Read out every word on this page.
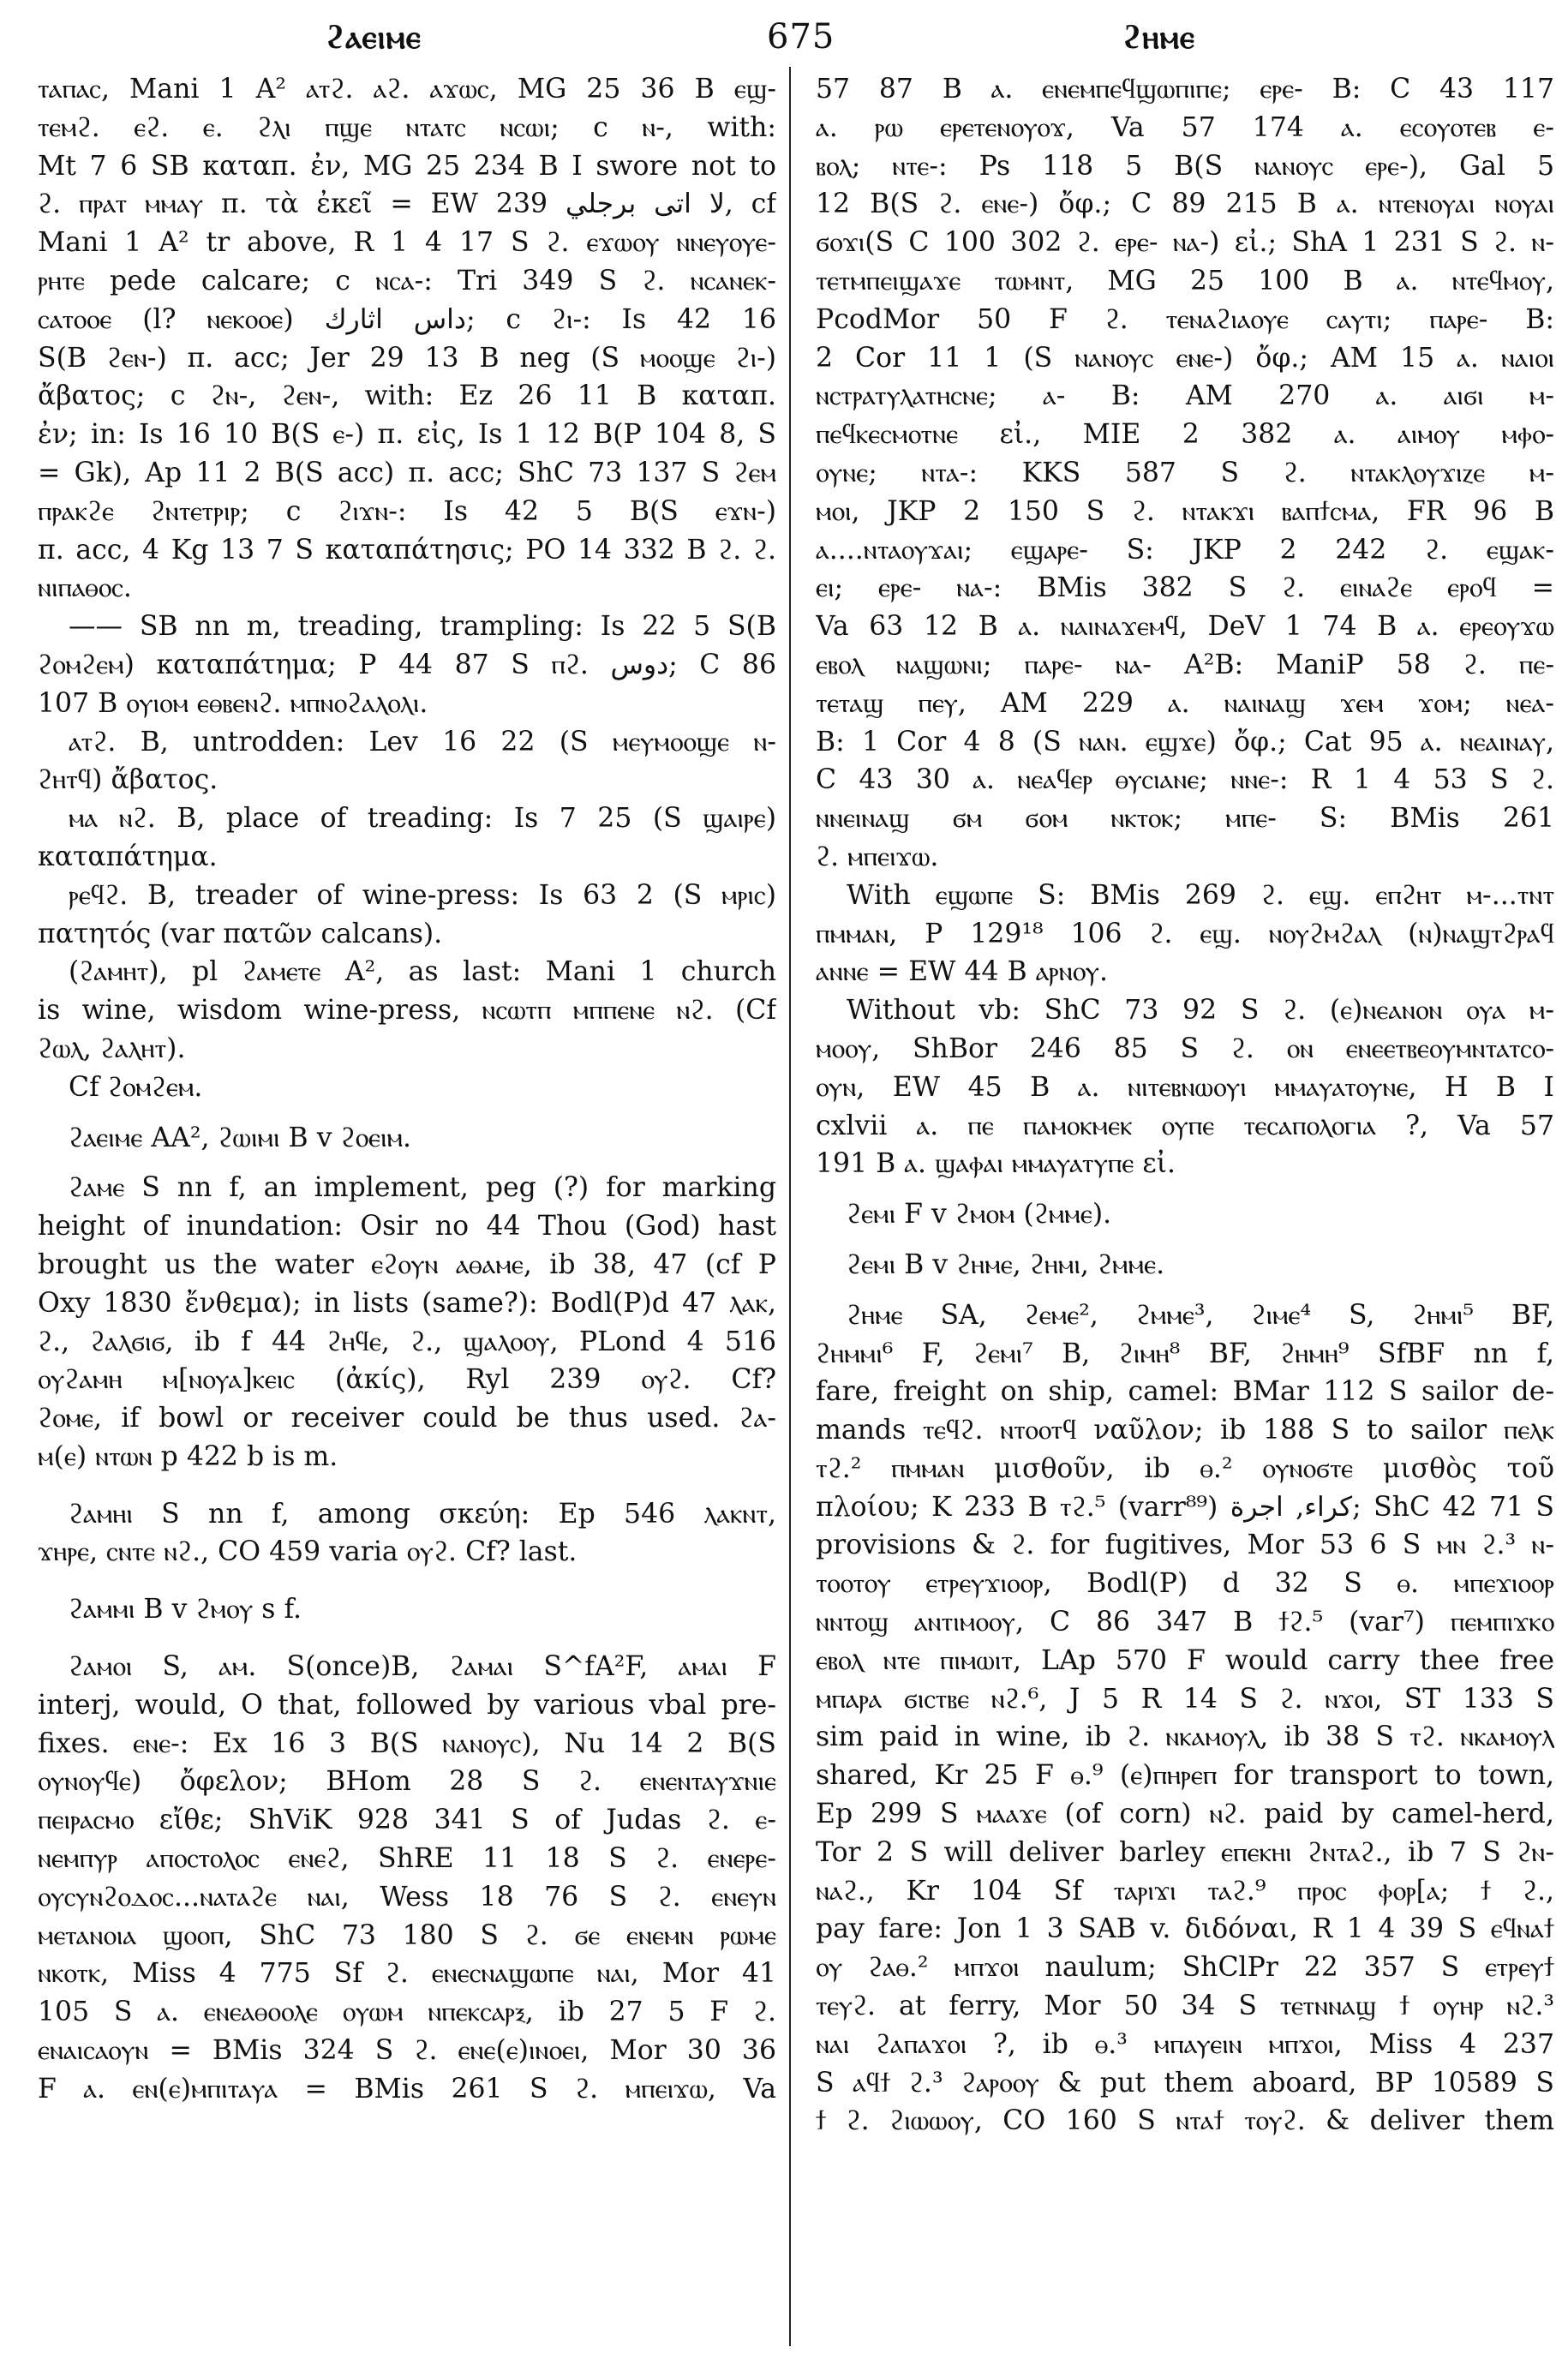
ϩⲁⲉⲓⲙⲉ	675	ϩⲏⲙⲉ
ⲧⲁⲡⲁⲥ, Mani 1 A² ⲁⲧϩ. ⲁϩ. ⲁϫⲱⲥ, MG 25 36 B ⲉϣ-
ⲧⲉⲙϩ. ⲉϩ. ⲉ. ϩⲗⲓ ⲡϣⲉ ⲛⲧⲁⲧⲥ ⲛⲥⲱⲓ; c ⲛ-, with:
Mt 7 6 SB καταπ. ἐν, MG 25 234 B I swore not to
ϩ. ⲡⲣⲁⲧ ⲙⲙⲁⲩ π. τὰ ἐκεῖ = EW 239 لا اتى برجلي, cf
Mani 1 A² tr above, R 1 4 17 S ϩ. ⲉϫⲱⲟⲩ ⲛⲛⲉⲩⲟⲩⲉ-
ⲣⲏⲧⲉ pede calcare; c ⲛⲥⲁ-: Tri 349 S ϩ. ⲛⲥⲁⲛⲉⲕ-
ⲥⲁⲧⲟⲟⲉ (l? ⲛⲉⲕⲟⲟⲉ) داس اثارك; c ϩⲓ-: Is 42 16
S(B ϩⲉⲛ-) π. acc; Jer 29 13 B neg (S ⲙⲟⲟϣⲉ ϩⲓ-)
ἄβατος; c ϩⲛ-, ϩⲉⲛ-, with: Ez 26 11 B καταπ.
ἐν; in: Is 16 10 B(S ⲉ-) π. εἰς, Is 1 12 B(P 104 8, S
= Gk), Ap 11 2 B(S acc) π. acc; ShC 73 137 S ϩⲉⲙ
ⲡⲣⲁⲕϩⲉ ϩⲛⲧⲉⲧⲣⲓⲣ; c ϩⲓϫⲛ-: Is 42 5 B(S ⲉϫⲛ-)
π. acc, 4 Kg 13 7 S καταπάτησις; PO 14 332 B ϩ. ϩ.
ⲛⲓⲡⲁⲑⲟⲥ.
—— SB nn m, treading, trampling: Is 22 5 S(B
ϩⲟⲙϩⲉⲙ) καταπάτημα; P 44 87 S ⲡϩ. دوس; C 86
107 B ⲟⲩⲓⲟⲙ ⲉⲑⲃⲉⲛϩ. ⲙⲡⲛⲟϩⲁⲗⲟⲗⲓ.
ⲁⲧϩ. B, untrodden: Lev 16 22 (S ⲙⲉⲩⲙⲟⲟϣⲉ ⲛ-
ϩⲏⲧϥ) ἄβατος.
ⲙⲁ ⲛϩ. B, place of treading: Is 7 25 (S ϣⲁⲓⲣⲉ)
καταπάτημα.
ⲣⲉϥϩ. B, treader of wine-press: Is 63 2 (S ⲙⲣⲓⲥ)
πατητός (var πατῶν calcans).
(ϩⲁⲙⲏⲧ), pl ϩⲁⲙⲉⲧⲉ A², as last: Mani 1 church
is wine, wisdom wine-press, ⲛⲥⲱⲧⲡ ⲙⲡⲡⲉⲛⲉ ⲛϩ. (Cf
ϩⲱⲗ, ϩⲁⲗⲏⲧ).
Cf ϩⲟⲙϩⲉⲙ.
ϩⲁⲉⲓⲙⲉ AA², ϩⲱⲓⲙⲓ B v ϩⲟⲉⲓⲙ.
ϩⲁⲙⲉ S nn f, an implement, peg (?) for marking
height of inundation: Osir no 44 Thou (God) hast
brought us the water ⲉϩⲟⲩⲛ ⲁⲑⲁⲙⲉ, ib 38, 47 (cf P
Oxy 1830 ἔνθεμα); in lists (same?): Bodl(P)d 47 ⲗⲁⲕ,
ϩ., ϩⲁⲗϭⲓϭ, ib f 44 ϩⲏϥⲉ, ϩ., ϣⲁⲗⲟⲟⲩ, PLond 4 516
ⲟⲩϩⲁⲙⲏ ⲙ[ⲛⲟⲩⲁ]ⲕⲉⲓⲥ (ἀκίς), Ryl 239 ⲟⲩϩ. Cf?
ϩⲟⲙⲉ, if bowl or receiver could be thus used. ϩⲁ-
ⲙ(ⲉ) ⲛⲧⲱⲛ p 422 b is m.
ϩⲁⲙⲏⲓ S nn f, among σκεύη: Ep 546 ⲗⲁⲕⲛⲧ,
ϫⲏⲣⲉ, ⲥⲛⲧⲉ ⲛϩ., CO 459 varia ⲟⲩϩ. Cf? last.
ϩⲁⲙⲙⲓ B v ϩⲙⲟⲩ s f.
ϩⲁⲙⲟⲓ S, ⲁⲙ. S(once)B, ϩⲁⲙⲁⲓ S^fA²F, ⲁⲙⲁⲓ F
interj, would, O that, followed by various vbal pre-
fixes. ⲉⲛⲉ-: Ex 16 3 B(S ⲛⲁⲛⲟⲩⲥ), Nu 14 2 B(S
ⲟⲩⲛⲟⲩϥⲉ) ὄφελον; BHom 28 S ϩ. ⲉⲛⲉⲛⲧⲁⲩϫⲛⲓⲉ
ⲡⲉⲓⲣⲁⲥⲙⲟ εἴθε; ShViK 928 341 S of Judas ϩ. ⲉ-
ⲛⲉⲙⲡⲩⲣ ⲁⲡⲟⲥⲧⲟⲗⲟⲥ ⲉⲛⲉϩ, ShRE 11 18 S ϩ. ⲉⲛⲉⲣⲉ-
ⲟⲩⲥⲩⲛϩⲟⲇⲟⲥ...ⲛⲁⲧⲁϩⲉ ⲛⲁⲓ, Wess 18 76 S ϩ. ⲉⲛⲉⲩⲛ
ⲙⲉⲧⲁⲛⲟⲓⲁ ϣⲟⲟⲡ, ShC 73 180 S ϩ. ϭⲉ ⲉⲛⲉⲙⲛ ⲣⲱⲙⲉ
ⲛⲕⲟⲧⲕ, Miss 4 775 Sf ϩ. ⲉⲛⲉⲥⲛⲁϣⲱⲡⲉ ⲛⲁⲓ, Mor 41
105 S ⲁ. ⲉⲛⲉⲁⲑⲟⲟⲗⲉ ⲟⲩⲱⲙ ⲛⲡⲉⲕⲥⲁⲣⲝ, ib 27 5 F ϩ.
ⲉⲛⲁⲓⲥⲁⲟⲩⲛ = BMis 324 S ϩ. ⲉⲛⲉ(ⲉ)ⲓⲛⲟⲉⲓ, Mor 30 36
F ⲁ. ⲉⲛ(ⲉ)ⲙⲡⲓⲧⲁⲩⲁ = BMis 261 S ϩ. ⲙⲡⲉⲓϫⲱ, Va
57 87 B ⲁ. ⲉⲛⲉⲙⲡⲉϥϣⲱⲡⲓⲡⲉ; ⲉⲣⲉ- B: C 43 117
ⲁ. ⲣⲱ ⲉⲣⲉⲧⲉⲛⲟⲩⲟϫ, Va 57 174 ⲁ. ⲉⲥⲟⲩⲟⲧⲉⲃ ⲉ-
ⲃⲟⲗ; ⲛⲧⲉ-: Ps 118 5 B(S ⲛⲁⲛⲟⲩⲥ ⲉⲣⲉ-), Gal 5
12 B(S ϩ. ⲉⲛⲉ-) ὄφ.; C 89 215 B ⲁ. ⲛⲧⲉⲛⲟⲩⲁⲓ ⲛⲟⲩⲁⲓ
ϭⲟϫⲓ(S C 100 302 ϩ. ⲉⲣⲉ- ⲛⲁ-) εἰ.; ShA 1 231 S ϩ. ⲛ-
ⲧⲉⲧⲙⲡⲉⲓϣⲁϫⲉ ⲧⲱⲙⲛⲧ, MG 25 100 B ⲁ. ⲛⲧⲉϥⲙⲟⲩ,
PcodMor 50 F ϩ. ⲧⲉⲛⲁϩⲓⲁⲟⲩⲉ ⲥⲁⲩⲧⲓ; ⲡⲁⲣⲉ- B:
2 Cor 11 1 (S ⲛⲁⲛⲟⲩⲥ ⲉⲛⲉ-) ὄφ.; AM 15 ⲁ. ⲛⲁⲓⲟⲓ
ⲛⲥⲧⲣⲁⲧⲩⲗⲁⲧⲏⲥⲛⲉ; ⲁ- B: AM 270 ⲁ. ⲁⲓϭⲓ ⲙ-
ⲡⲉϥⲕⲉⲥⲙⲟⲧⲛⲉ εἰ., MIE 2 382 ⲁ. ⲁⲓⲙⲟⲩ ⲙⲫⲟ-
ⲟⲩⲛⲉ; ⲛⲧⲁ-: KKS 587 S ϩ. ⲛⲧⲁⲕⲗⲟⲩϫⲓⲍⲉ ⲙ-
ⲙⲟⲓ, JKP 2 150 S ϩ. ⲛⲧⲁⲕϫⲓ ⲃⲁⲡϯⲥⲙⲁ, FR 96 B
ⲁ....ⲛⲧⲁⲟⲩϫⲁⲓ; ⲉϣⲁⲣⲉ- S: JKP 2 242 ϩ. ⲉϣⲁⲕ-
ⲉⲓ; ⲉⲣⲉ- ⲛⲁ-: BMis 382 S ϩ. ⲉⲓⲛⲁϩⲉ ⲉⲣⲟϥ =
Va 63 12 B ⲁ. ⲛⲁⲓⲛⲁϫⲉⲙϥ, DeV 1 74 B ⲁ. ⲉⲣⲉⲟⲩϫⲱ
ⲉⲃⲟⲗ ⲛⲁϣⲱⲛⲓ; ⲡⲁⲣⲉ- ⲛⲁ- A²B: ManiP 58 ϩ. ⲡⲉ-
ⲧⲉⲧⲁϣ ⲡⲉⲩ, AM 229 ⲁ. ⲛⲁⲓⲛⲁϣ ϫⲉⲙ ϫⲟⲙ; ⲛⲉⲁ-
B: 1 Cor 4 8 (S ⲛⲁⲛ. ⲉϣϫⲉ) ὄφ.; Cat 95 ⲁ. ⲛⲉⲁⲓⲛⲁⲩ,
C 43 30 ⲁ. ⲛⲉⲁϥⲉⲣ ⲑⲩⲥⲓⲁⲛⲉ; ⲛⲛⲉ-: R 1 4 53 S ϩ.
ⲛⲛⲉⲓⲛⲁϣ ϭⲙ ϭⲟⲙ ⲛⲕⲧⲟⲕ; ⲙⲡⲉ- S: BMis 261
ϩ. ⲙⲡⲉⲓϫⲱ.
With ⲉϣⲱⲡⲉ S: BMis 269 ϩ. ⲉϣ. ⲉⲡϩⲏⲧ ⲙ-...ⲧⲛⲧ
ⲡⲙⲙⲁⲛ, P 129¹⁸ 106 ϩ. ⲉϣ. ⲛⲟⲩϩⲙϩⲁⲗ (ⲛ)ⲛⲁϣⲧϩⲣⲁϥ
ⲁⲛⲛⲉ = EW 44 B ⲁⲣⲛⲟⲩ.
Without vb: ShC 73 92 S ϩ. (ⲉ)ⲛⲉⲁⲛⲟⲛ ⲟⲩⲁ ⲙ-
ⲙⲟⲟⲩ, ShBor 246 85 S ϩ. ⲟⲛ ⲉⲛⲉⲉⲧⲃⲉⲟⲩⲙⲛⲧⲁⲧⲥⲟ-
ⲟⲩⲛ, EW 45 B ⲁ. ⲛⲓⲧⲉⲃⲛⲱⲟⲩⲓ ⲙⲙⲁⲩⲁⲧⲟⲩⲛⲉ, H B I
cxlvii ⲁ. ⲡⲉ ⲡⲁⲙⲟⲕⲙⲉⲕ ⲟⲩⲡⲉ ⲧⲉⲥⲁⲡⲟⲗⲟⲅⲓⲁ ?, Va 57
191 B ⲁ. ϣⲁⲫⲁⲓ ⲙⲙⲁⲩⲁⲧⲩⲡⲉ εἰ.
ϩⲉⲙⲓ F v ϩⲙⲟⲙ (ϩⲙⲙⲉ).
ϩⲉⲙⲓ B v ϩⲏⲙⲉ, ϩⲏⲙⲓ, ϩⲙⲙⲉ.
ϩⲏⲙⲉ SA, ϩⲉⲙⲉ², ϩⲙⲙⲉ³, ϩⲓⲙⲉ⁴ S, ϩⲏⲙⲓ⁵ BF,
ϩⲏⲙⲙⲓ⁶ F, ϩⲉⲙⲓ⁷ B, ϩⲓⲙⲏ⁸ BF, ϩⲏⲙⲏ⁹ SfBF nn f,
fare, freight on ship, camel: BMar 112 S sailor de-
mands ⲧⲉϥϩ. ⲛⲧⲟⲟⲧϥ ναῦλον; ib 188 S to sailor ⲡⲉⲗⲕ
ⲧϩ.² ⲡⲙⲙⲁⲛ μισθοῦν, ib ⲑ.² ⲟⲩⲛⲟϭⲧⲉ μισθὸς τοῦ
πλοίου; K 233 B ⲧϩ.⁵ (varr⁸⁹) كراء, اجرة; ShC 42 71 S
provisions & ϩ. for fugitives, Mor 53 6 S ⲙⲛ ϩ.³ ⲛ-
ⲧⲟⲟⲧⲟⲩ ⲉⲧⲣⲉⲩϫⲓⲟⲟⲣ, Bodl(P) d 32 S ⲑ. ⲙⲡⲉϫⲓⲟⲟⲣ
ⲛⲛⲧⲟϣ ⲁⲛⲧⲓⲙⲟⲟⲩ, C 86 347 B ϯϩ.⁵ (var⁷) ⲡⲉⲙⲡⲓϫⲕⲟ
ⲉⲃⲟⲗ ⲛⲧⲉ ⲡⲓⲙⲱⲓⲧ, LAp 570 F would carry thee free
ⲙⲡⲁⲣⲁ ϭⲓⲥⲧⲃⲉ ⲛϩ.⁶, J 5 R 14 S ϩ. ⲛϫⲟⲓ, ST 133 S
sim paid in wine, ib ϩ. ⲛⲕⲁⲙⲟⲩⲗ, ib 38 S ⲧϩ. ⲛⲕⲁⲙⲟⲩⲗ
shared, Kr 25 F ⲑ.⁹ (ⲉ)ⲡⲏⲣⲉⲡ for transport to town,
Ep 299 S ⲙⲁⲁϫⲉ (of corn) ⲛϩ. paid by camel-herd,
Tor 2 S will deliver barley ⲉⲡⲉⲕⲏⲓ ϩⲛⲧⲁϩ., ib 7 S ϩⲛ-
ⲛⲁϩ., Kr 104 Sf ⲧⲁⲣⲓϫⲓ ⲧⲁϩ.⁹ ⲡⲣⲟⲥ ⲫⲟⲣ[ⲁ; ϯ ϩ.,
pay fare: Jon 1 3 SAB v. διδόναι, R 1 4 39 S ⲉϥⲛⲁϯ
ⲟⲩ ϩⲁⲑ.² ⲙⲡϫⲟⲓ naulum; ShClPr 22 357 S ⲉⲧⲣⲉⲩϯ
ⲧⲉⲩϩ. at ferry, Mor 50 34 S ⲧⲉⲧⲛⲛⲁϣ ϯ ⲟⲩⲏⲣ ⲛϩ.³
ⲛⲁⲓ ϩⲁⲡⲁϫⲟⲓ ?, ib ⲑ.³ ⲙⲡⲁⲩⲉⲓⲛ ⲙⲡϫⲟⲓ, Miss 4 237
S ⲁϥϯ ϩ.³ ϩⲁⲣⲟⲟⲩ & put them aboard, BP 10589 S
ϯ ϩ. ϩⲓⲱⲱⲟⲩ, CO 160 S ⲛⲧⲁϯ ⲧⲟⲩϩ. & deliver them
